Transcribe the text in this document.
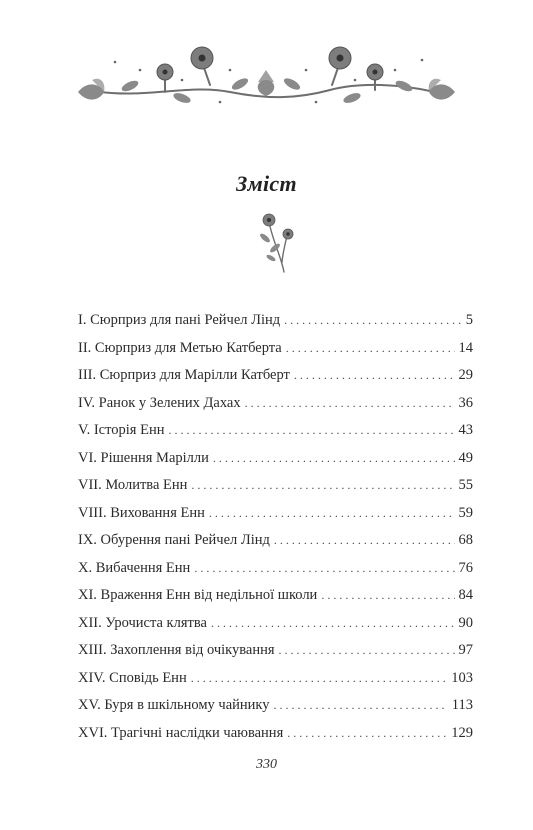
Зміст
I. Сюрприз для пані Рейчел Лінд . . .	5
II. Сюрприз для Метью Катберта . . .	14
III. Сюрприз для Марілли Катберт . . .	29
IV. Ранок у Зелених Дахах . . .	36
V. Історія Енн . . .	43
VI. Рішення Марілли . . .	49
VII. Молитва Енн . . .	55
VIII. Виховання Енн . . .	59
IX. Обурення пані Рейчел Лінд . . .	68
X. Вибачення Енн . . .	76
XI. Враження Енн від недільної школи . . .	84
XII. Урочиста клятва . . .	90
XIII. Захоплення від очікування . . .	97
XIV. Сповідь Енн . . .	103
XV. Буря в шкільному чайнику . . .	113
XVI. Трагічні наслідки чаювання . . .	129
330
